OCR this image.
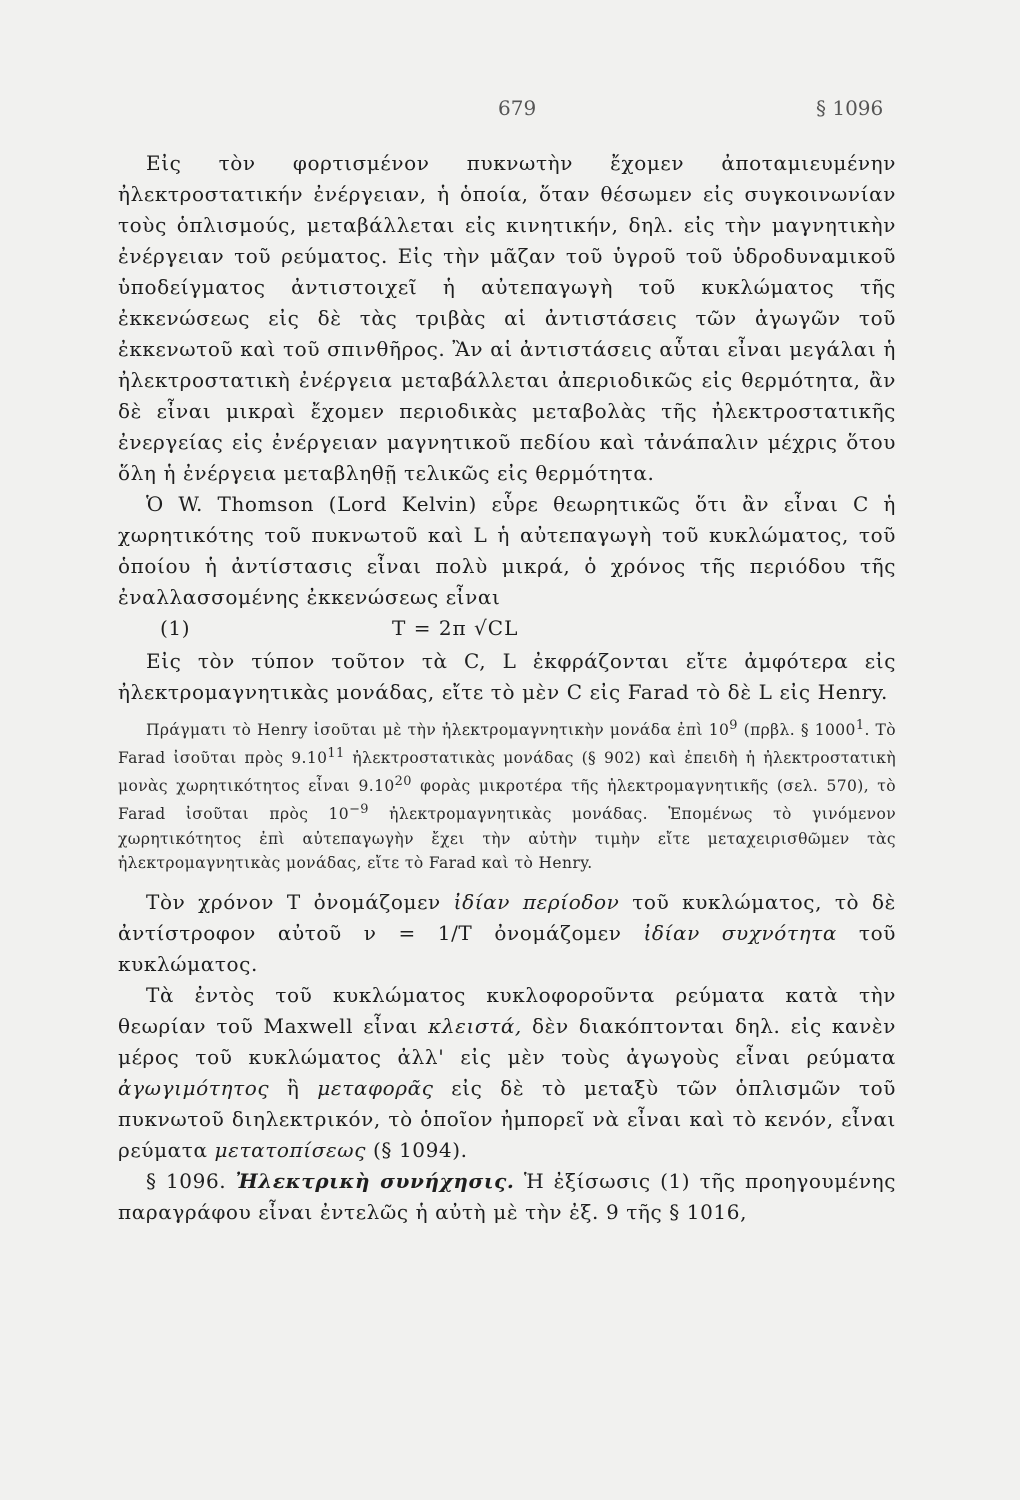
679	§ 1096

Εἰς τὸν φορτισμένον πυκνωτὴν ἔχομεν ἀποταμιευμένην ἠλεκτροστατικήν ἐνέργειαν, ἡ ὁποία, ὅταν θέσωμεν εἰς συγκοινωνίαν τοὺς ὁπλισμούς, μεταβάλλεται εἰς κινητικήν, δηλ. εἰς τὴν μαγνητικὴν ἐνέργειαν τοῦ ρεύματος. Εἰς τὴν μᾶζαν τοῦ ὑγροῦ τοῦ ὑδροδυναμικοῦ ὑποδείγματος ἀντιστοιχεῖ ἡ αὐτεπαγωγὴ τοῦ κυκλώματος τῆς ἐκκενώσεως εἰς δὲ τὰς τριβὰς αἱ ἀντιστάσεις τῶν ἀγωγῶν τοῦ ἐκκενωτοῦ καὶ τοῦ σπινθῆρος. Ἂν αἱ ἀντιστάσεις αὗται εἶναι μεγάλαι ἡ ἠλεκτροστατικὴ ἐνέργεια μεταβάλλεται ἀπεριοδικῶς εἰς θερμότητα, ἂν δὲ εἶναι μικραὶ ἔχομεν περιοδικὰς μεταβολὰς τῆς ἠλεκτροστατικῆς ἐνεργείας εἰς ἐνέργειαν μαγνητικοῦ πεδίου καὶ τἀνάπαλιν μέχρις ὅτου ὅλη ἡ ἐνέργεια μεταβληθῇ τελικῶς εἰς θερμότητα.

Ὁ W. Thomson (Lord Kelvin) εὗρε θεωρητικῶς ὅτι ἂν εἶναι C ἡ χωρητικότης τοῦ πυκνωτοῦ καὶ L ἡ αὐτεπαγωγὴ τοῦ κυκλώματος, τοῦ ὁποίου ἡ ἀντίστασις εἶναι πολὺ μικρά, ὁ χρόνος τῆς περιόδου τῆς ἐναλλασσομένης ἐκκενώσεως εἶναι

(1)	T = 2π √CL

Εἰς τὸν τύπον τοῦτον τὰ C, L ἐκφράζονται εἴτε ἀμφότερα εἰς ἠλεκτρομαγνητικὰς μονάδας, εἴτε τὸ μὲν C εἰς Farad τὸ δὲ L εἰς Henry.

Πράγματι τὸ Henry ἰσοῦται μὲ τὴν ἠλεκτρομαγνητικὴν μονάδα ἐπὶ $10^9$ (πρβλ. § 1000$^1$. Τὸ Farad ἰσοῦται πρὸς 9.10$^{11}$ ἠλεκτροστατικὰς μονάδας (§ 902) καὶ ἐπειδὴ ἡ ἠλεκτροστατικὴ μονὰς χωρητικότητος εἶναι 9.10$^{20}$ φορὰς μικροτέρα τῆς ἠλεκτρομαγνητικῆς (σελ. 570), τὸ Farad ἰσοῦται πρὸς $10^{-9}$ ἠλεκτρομαγνητικὰς μονάδας. Ἑπομένως τὸ γινόμενον χωρητικότητος ἐπὶ αὐτεπαγωγὴν ἔχει τὴν αὐτὴν τιμὴν εἴτε μεταχειρισθῶμεν τὰς ἠλεκτρομαγνητικὰς μονάδας, εἴτε τὸ Farad καὶ τὸ Henry.

Τὸν χρόνον T ὀνομάζομεν ἰδίαν περίοδον τοῦ κυκλώματος, τὸ δὲ ἀντίστροφον αὐτοῦ ν = 1/T ὀνομάζομεν ἰδίαν συχνότητα τοῦ κυκλώματος.

Τὰ ἐντὸς τοῦ κυκλώματος κυκλοφοροῦντα ρεύματα κατὰ τὴν θεωρίαν τοῦ Maxwell εἶναι κλειστά, δὲν διακόπτονται δηλ. εἰς κανὲν μέρος τοῦ κυκλώματος ἀλλ' εἰς μὲν τοὺς ἀγωγοὺς εἶναι ρεύματα ἀγωγιμότητος ἢ μεταφορᾶς εἰς δὲ τὸ μεταξὺ τῶν ὁπλισμῶν τοῦ πυκνωτοῦ διηλεκτρικόν, τὸ ὁποῖον ἠμπορεῖ νὰ εἶναι καὶ τὸ κενόν, εἶναι ρεύματα μετατοπίσεως (§ 1094).

§ 1096. Ἠλεκτρικὴ συνήχησις. Ἡ ἐξίσωσις (1) τῆς προηγουμένης παραγράφου εἶναι ἐντελῶς ἡ αὐτὴ μὲ τὴν ἐξ. 9 τῆς § 1016,
